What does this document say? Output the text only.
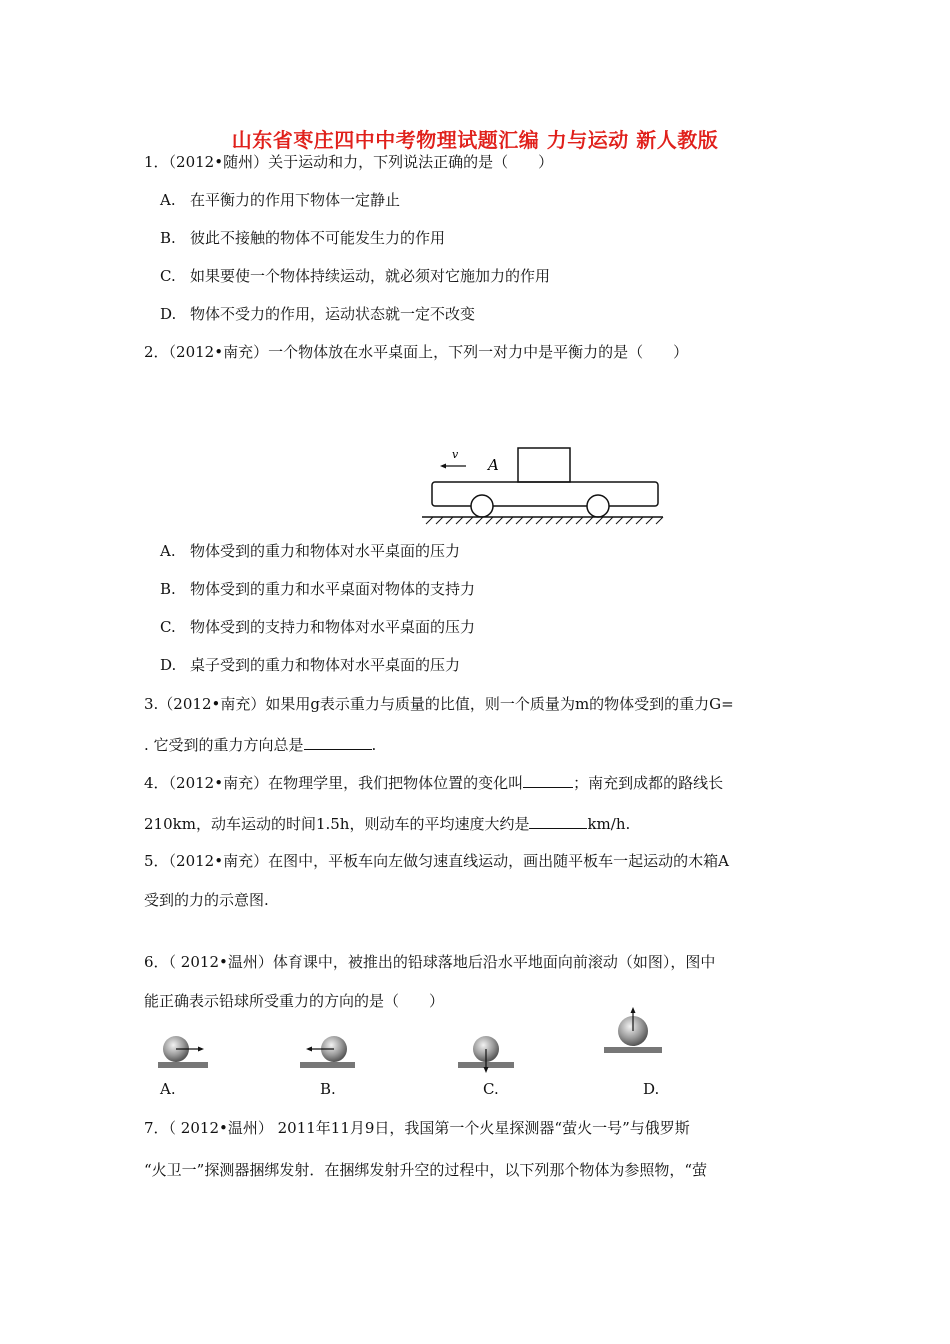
山东省枣庄四中中考物理试题汇编 力与运动 新人教版
1．（2012•随州）关于运动和力，下列说法正确的是（　　）
A. 在平衡力的作用下物体一定静止
B. 彼此不接触的物体不可能发生力的作用
C. 如果要使一个物体持续运动，就必须对它施加力的作用
D. 物体不受力的作用，运动状态就一定不改变
2．（2012•南充）一个物体放在水平桌面上，下列一对力中是平衡力的是（　　）
A
v
A. 物体受到的重力和物体对水平桌面的压力
B. 物体受到的重力和水平桌面对物体的支持力
C. 物体受到的支持力和物体对水平桌面的压力
D. 桌子受到的重力和物体对水平桌面的压力
3.（2012•南充）如果用g表示重力与质量的比值，则一个质量为m的物体受到的重力G=
. 它受到的重力方向总是	.
4．（2012•南充）在物理学里，我们把物体位置的变化叫	；南充到成都的路线长
210km，动车运动的时间1.5h，则动车的平均速度大约是	km/h.
5．（2012•南充）在图中，平板车向左做匀速直线运动，画出随平板车一起运动的木箱A
受到的力的示意图.
6．（ 2012•温州）体育课中，被推出的铅球落地后沿水平地面向前滚动（如图），图中
能正确表示铅球所受重力的方向的是（　　）
A.	B.	C.	D.
7．（ 2012•温州） 2011年11月9日，我国第一个火星探测器“萤火一号”与俄罗斯
“火卫一”探测器捆绑发射．在捆绑发射升空的过程中，以下列那个物体为参照物，“萤
